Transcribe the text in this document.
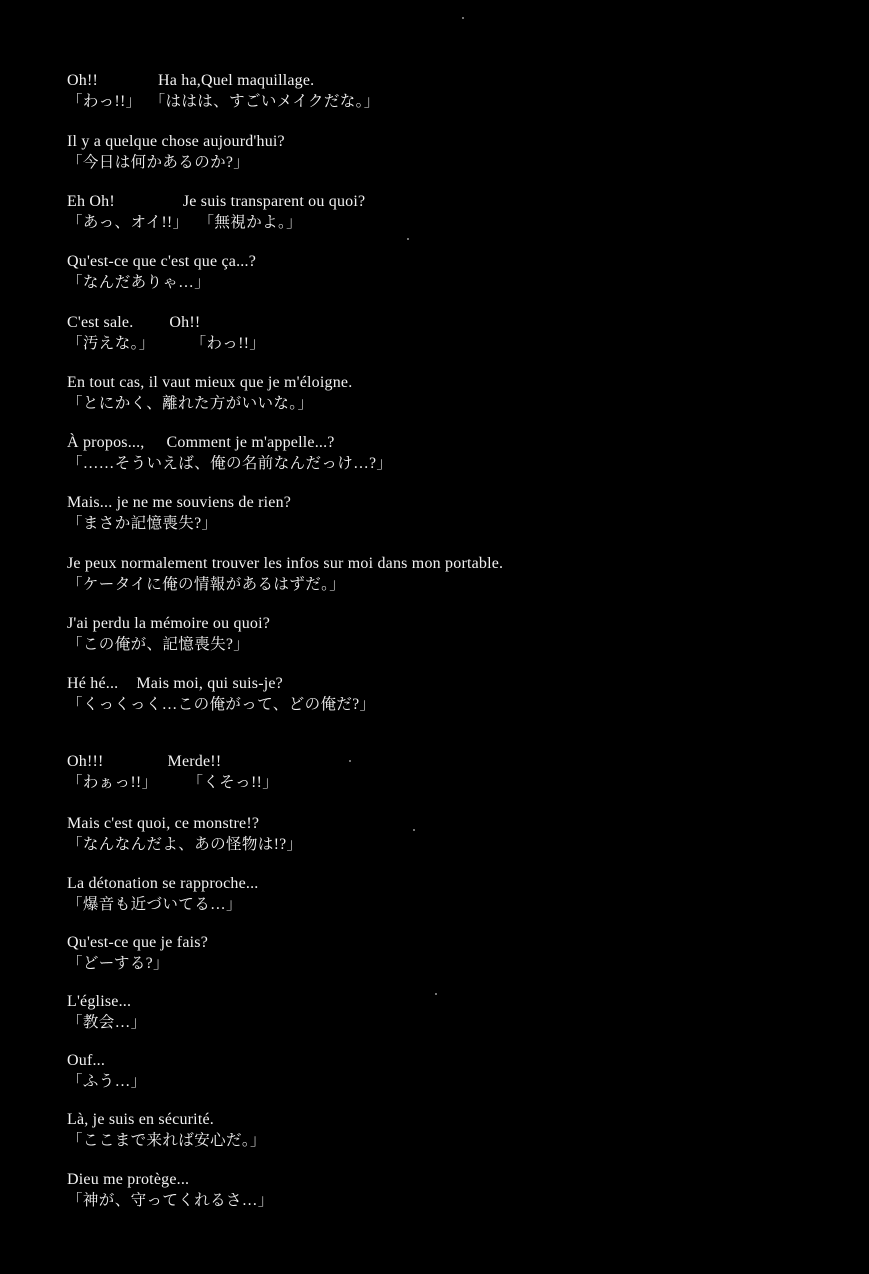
Oh!!	Ha ha,Quel maquillage.
「わっ!!」 「ははは、すごいメイクだな。」
Il y a quelque chose aujourd'hui?
「今日は何かあるのか?」
Eh Oh!	Je suis transparent ou quoi?
「あっ、オイ!!」 「無視かよ。」
Qu'est-ce que c'est que ça...?
「なんだありゃ…」
C'est sale. Oh!!
「汚えな。」 「わっ!!」
En tout cas, il vaut mieux que je m'éloigne.
「とにかく、離れた方がいいな。」
À propos..., Comment je m'appelle...?
「……そういえば、俺の名前なんだっけ…?」
Mais... je ne me souviens de rien?
「まさか記憶喪失?」
Je peux normalement trouver les infos sur moi dans mon portable.
「ケータイに俺の情報があるはずだ。」
J'ai perdu la mémoire ou quoi?
「この俺が、記憶喪失?」
Hé hé... Mais moi, qui suis-je?
「くっくっく…この俺がって、どの俺だ?」
Oh!!!	Merde!!
「わぁっ!!」 「くそっ!!」
Mais c'est quoi, ce monstre!?
「なんなんだよ、あの怪物は!?」
La détonation se rapproche...
「爆音も近づいてる…」
Qu'est-ce que je fais?
「どーする?」
L'église...
「教会…」
Ouf...
「ふう…」
Là, je suis en sécurité.
「ここまで来れば安心だ。」
Dieu me protège...
「神が、守ってくれるさ…」
